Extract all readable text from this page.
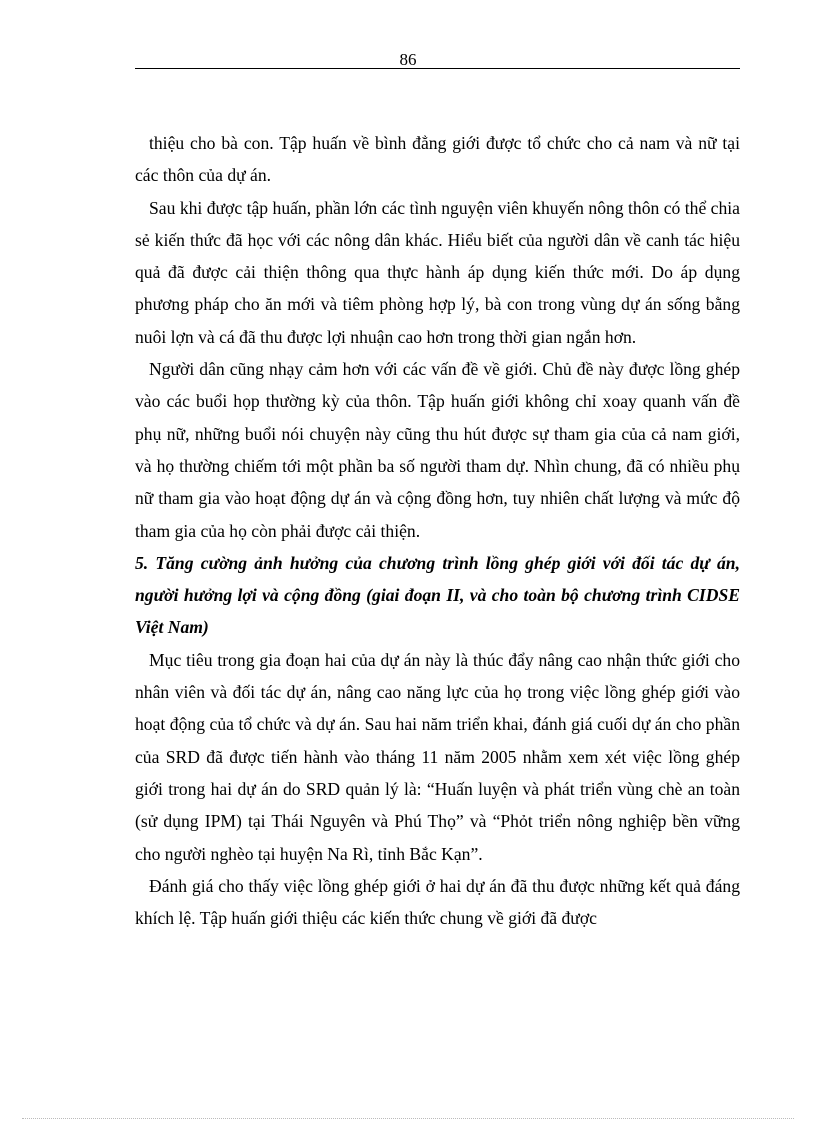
86

thiệu cho bà con. Tập huấn về bình đẳng giới được tổ chức cho cả nam và nữ tại các thôn của dự án.

Sau khi được tập huấn, phần lớn các tình nguyện viên khuyến nông thôn có thể chia sẻ kiến thức đã học với các nông dân khác. Hiểu biết của người dân về canh tác hiệu quả đã được cải thiện thông qua thực hành áp dụng kiến thức mới. Do áp dụng phương pháp cho ăn mới và tiêm phòng hợp lý, bà con trong vùng dự án sống bằng nuôi lợn và cá đã thu được lợi nhuận cao hơn trong thời gian ngắn hơn.

Người dân cũng nhạy cảm hơn với các vấn đề về giới. Chủ đề này được lồng ghép vào các buổi họp thường kỳ của thôn. Tập huấn giới không chỉ xoay quanh vấn đề phụ nữ, những buổi nói chuyện này cũng thu hút được sự tham gia của cả nam giới, và họ thường chiếm tới một phần ba số người tham dự. Nhìn chung, đã có nhiều phụ nữ tham gia vào hoạt động dự án và cộng đồng hơn, tuy nhiên chất lượng và mức độ tham gia của họ còn phải được cải thiện.

5. Tăng cường ảnh hưởng của chương trình lồng ghép giới với đối tác dự án, người hưởng lợi và cộng đồng (giai đoạn II, và cho toàn bộ chương trình CIDSE Việt Nam)

Mục tiêu trong gia đoạn hai của dự án này là thúc đẩy nâng cao nhận thức giới cho nhân viên và đối tác dự án, nâng cao năng lực của họ trong việc lồng ghép giới vào hoạt động của tổ chức và dự án. Sau hai năm triển khai, đánh giá cuối dự án cho phần của SRD đã được tiến hành vào tháng 11 năm 2005 nhằm xem xét việc lồng ghép giới trong hai dự án do SRD quản lý là: “Huấn luyện và phát triển vùng chè an toàn (sử dụng IPM) tại Thái Nguyên và Phú Thọ” và “Phỏt triển nông nghiệp bền vững cho người nghèo tại huyện Na Rì, tỉnh Bắc Kạn”.

Đánh giá cho thấy việc lồng ghép giới ở hai dự án đã thu được những kết quả đáng khích lệ. Tập huấn giới thiệu các kiến thức chung về giới đã được
